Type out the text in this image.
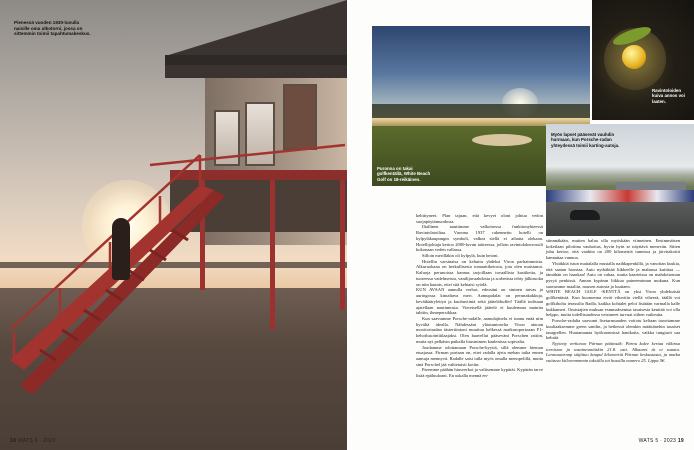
Pienessä vuoden 1930-luvulla naisille oma ulkotorni, jossa on sittemmin toimii tapahtumakeskus.
18 WATS 5 · 2023
Puronna on takai golfkentällä, White Beach Golf on 18-reikäinen.
Ravintoloiden kuiva annos voi laaten.
Myös lapset pääsevät vauhdin hurmaan, kun Porsche-radan yhteydessä toimii karting-autoja.

kehittyneet. Plan tajuan, että kevyet oloni johtuu vedon suojapöytämuodosta.

Iltallinen nauttimme valkoisessa funktionyhteessä Ravintolatoiltaa. Vuonna 1937 rakennettu hotelli on kylpyläkaupungin symboli, valkea siellä et aihatta olekaan. Hotellijohtaja kertoo 2000-luvun taitteessa, jolloin ravintolakerrossili kokonaan veden vallassa.

Silloin merilläkin oli kylpylä, kuin betoni.

Hotellin varsinaisa on kehuttu yhdeksi Viron parhaimmista. Alkuruokana on herkullisesta tomaattiketosta, jota olen maistanut. Kaluoja perunoissa kannas tarjoillaan tuvaallista kastiketta, ja tuoreessa vadelmeista, vanilijavaahdosta ja sorbetista tehty jälkiruoka on niin kaunis, ettei sitä kehtaisi syödä.

KUN AVAAN aamulla verhot, edessäni on sininen taivas ja auringossa kimaltava meri. Aamupalalat on perunakakkuja, kevätkäärylettyä ja kuohuviiniä sekä jäätelöbuffet! Täällä todisaan ajatellaan nautinnosta. Viereisellä jäätelö ei kuulemma mainita tahtiin, ihmepersikkaa.

Kun saavumme Porsche-radalle, aamulajittelu ei tunnu enää niin hyvältä idealla. Nähdessäni yläasuntoselta Viron ainoan moottoriradan tästertiintoni muuttuu helkessä maikuroportoaan F1-kehotlusointitilaajaksi. Olen haavellut pääseväni Porschen rattiin, mutta nyt pelkäsin paikalla hiusmimen kaulenissa sopivalta.

Joudamme odottamaan Porsche-kyytiä, sillä olemme hieman etuajassa. Firman portaan on, ettei radalla ajeta mehan taika ennen aamuja mennyvä. Radalle saisi tulla myös omalla menopelillä, mutta sinä Porschel jää valitetaisti kotiin.

Paremme päähän hiusverkot ja valitsemme kypärät. Kypärän tarve lisää epäluuloani. En uskalla mennä en-

siinnnäkään, mutten halua olla myöskään viimeinen. Ensimmäisen kokeilaan pilottina vauhoitus, hyvin hyin se näyttävä menevän. Sitten juhu kertoo, että vauhtia on 200 kilometriä tunnissa ja järvitakoitit kannattaa vannoa.

Yhtäkkiä istun maitalalla mustalla naihkapenkillä, ja vanottan kuskia, että saatan houstaa. Auto nytkähtää liikkeelle ja mahassa kutittaa — tämähän on haaskaa! Auto on vakaa, mutta kaarteissa on mahdottoman pysyä penkissä. Annan kypäran liikkua paineemiman mukana. Kun saavumme maaliin, nousen autosta ja luuttaen.

WHITE BEACH GOLF -KENTTÄ on yksi Viron yhdeksästä golfkentästä. Kun huomenna eivät vihertiin viellä viheerä, täällä voi golfkiholtu terassilta Radla, kaikka kohtalet pelot lisätään varmalla kalle kukkamerí. Omistajien muksan esmmaksentua tasaisesta kenttää voi olla helppo, mutta todellisuudessa veisimeet turvuat siihen vaikeutta.

Porsche-radalta saavumi lisetarmsaaden voitotu keltaan taoottamme kuultaaksemme green sanilin, ja hetkessä olemkin määttänehin tasaiset tasagrellen. Huutamanaa hyökuonnissä hanikaita, vaikka tungtarit saa kehrää.

Nyytetty verkonon Pärnun pääinsäk: Pärnu kulee kertaa vilkinsa torniston ja tasainesmiäskin 21.8. asti. Alkaaret tit ei saunta. Lennosaarnnp sätjätuo kaupul kilometriä Pärnun keskustasta, ja matka vuittuva kiilorennmmin taksiilla tai hussilla numero 25. Lippa 5€.

WATS 5 · 2023 19
